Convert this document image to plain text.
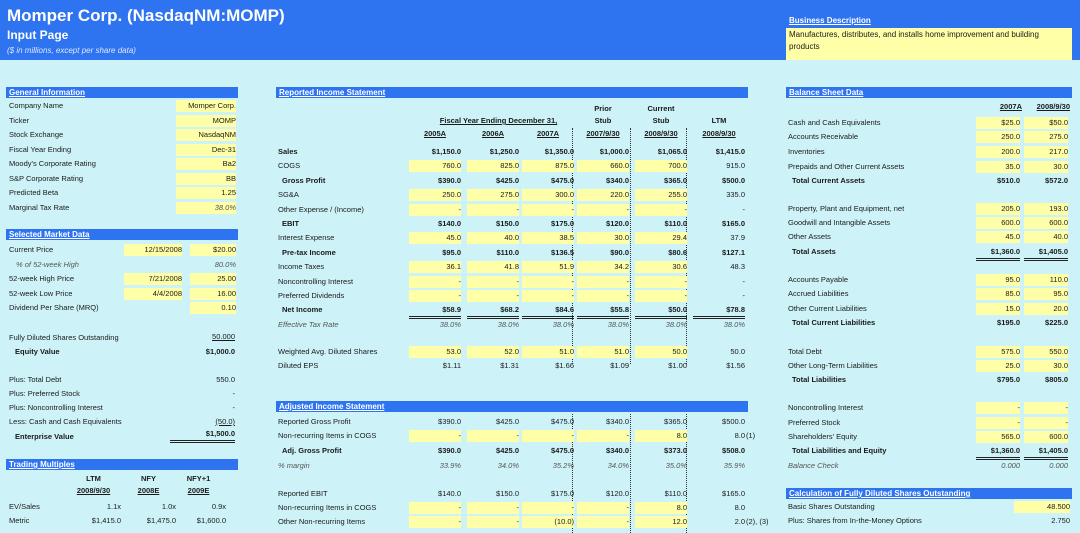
Momper Corp. (NasdaqNM:MOMP)
Input Page
($ in millions, except per share data)
Business Description
Manufactures, distributes, and installs home improvement and building products
General Information
Company Name	Momper Corp.
Ticker	MOMP
Stock Exchange	NasdaqNM
Fiscal Year Ending	Dec-31
Moody's Corporate Rating	Ba2
S&P Corporate Rating	BB
Predicted Beta	1.25
Marginal Tax Rate	38.0%
Selected Market Data
Current Price	12/15/2008	$20.00
% of 52-week High	80.0%
52-week High Price	7/21/2008	25.00
52-week Low Price	4/4/2008	16.00
Dividend Per Share (MRQ)	0.10
Fully Diluted Shares Outstanding	50.000
Equity Value	$1,000.0
Plus: Total Debt	550.0
Plus: Preferred Stock	-
Plus: Noncontrolling Interest	-
Less: Cash and Cash Equivalents	(50.0)
Enterprise Value	$1,500.0
Trading Multiples
LTM
2008/9/30
NFY
2008E
NFY+1
2009E
EV/Sales	1.1x	1.0x	0.9x
Metric	$1,415.0	$1,475.0	$1,600.0
Reported Income Statement
Fiscal Year Ending December 31,
Prior
Stub
Current
Stub	LTM
2005A	2006A	2007A	2007/9/30	2008/9/30	2008/9/30
Sales	$1,150.0	$1,250.0	$1,350.0	$1,000.0	$1,065.0	$1,415.0
COGS	760.0	825.0	875.0	660.0	700.0	915.0
Gross Profit	$390.0	$425.0	$475.0	$340.0	$365.0	$500.0
SG&A	250.0	275.0	300.0	220.0	255.0	335.0
Other Expense / (Income)	-	-	-	-	-	-
EBIT	$140.0	$150.0	$175.0	$120.0	$110.0	$165.0
Interest Expense	45.0	40.0	38.5	30.0	29.4	37.9
Pre-tax Income	$95.0	$110.0	$136.5	$90.0	$80.6	$127.1
Income Taxes	36.1	41.8	51.9	34.2	30.6	48.3
Noncontrolling Interest	-	-	-	-	-	-
Preferred Dividends	-	-	-	-	-	-
Net Income	$58.9	$68.2	$84.6	$55.8	$50.0	$78.8
Effective Tax Rate	38.0%	38.0%	38.0%	38.0%	38.0%	38.0%
Weighted Avg. Diluted Shares	53.0	52.0	51.0	51.0	50.0	50.0
Diluted EPS	$1.11	$1.31	$1.66	$1.09	$1.00	$1.56
Adjusted Income Statement
Reported Gross Profit	$390.0	$425.0	$475.0	$340.0	$365.0	$500.0
Non-recurring Items in COGS	-	-	-	-	8.0	8.0 (1)
Adj. Gross Profit	$390.0	$425.0	$475.0	$340.0	$373.0	$508.0
% margin	33.9%	34.0%	35.2%	34.0%	35.0%	35.9%
Reported EBIT	$140.0	$150.0	$175.0	$120.0	$110.0	$165.0
Non-recurring Items in COGS	-	-	-	-	8.0	8.0
Other Non-recurring Items	-	-	(10.0)	-	12.0	2.0 (2), (3)
Balance Sheet Data
2007A	2008/9/30
Cash and Cash Equivalents	$25.0	$50.0
Accounts Receivable	250.0	275.0
Inventories	200.0	217.0
Prepaids and Other Current Assets	35.0	30.0
Total Current Assets	$510.0	$572.0
Property, Plant and Equipment, net	205.0	193.0
Goodwill and Intangible Assets	600.0	600.0
Other Assets	45.0	40.0
Total Assets	$1,360.0	$1,405.0
Accounts Payable	95.0	110.0
Accrued Liabilities	85.0	95.0
Other Current Liabilities	15.0	20.0
Total Current Liabilities	$195.0	$225.0
Total Debt	575.0	550.0
Other Long-Term Liabilities	25.0	30.0
Total Liabilities	$795.0	$805.0
Noncontrolling Interest	-	-
Preferred Stock	-	-
Shareholders' Equity	565.0	600.0
Total Liabilities and Equity	$1,360.0	$1,405.0
Balance Check	0.000	0.000
Calculation of Fully Diluted Shares Outstanding
Basic Shares Outstanding	48.500
Plus: Shares from In-the-Money Options	2.750
